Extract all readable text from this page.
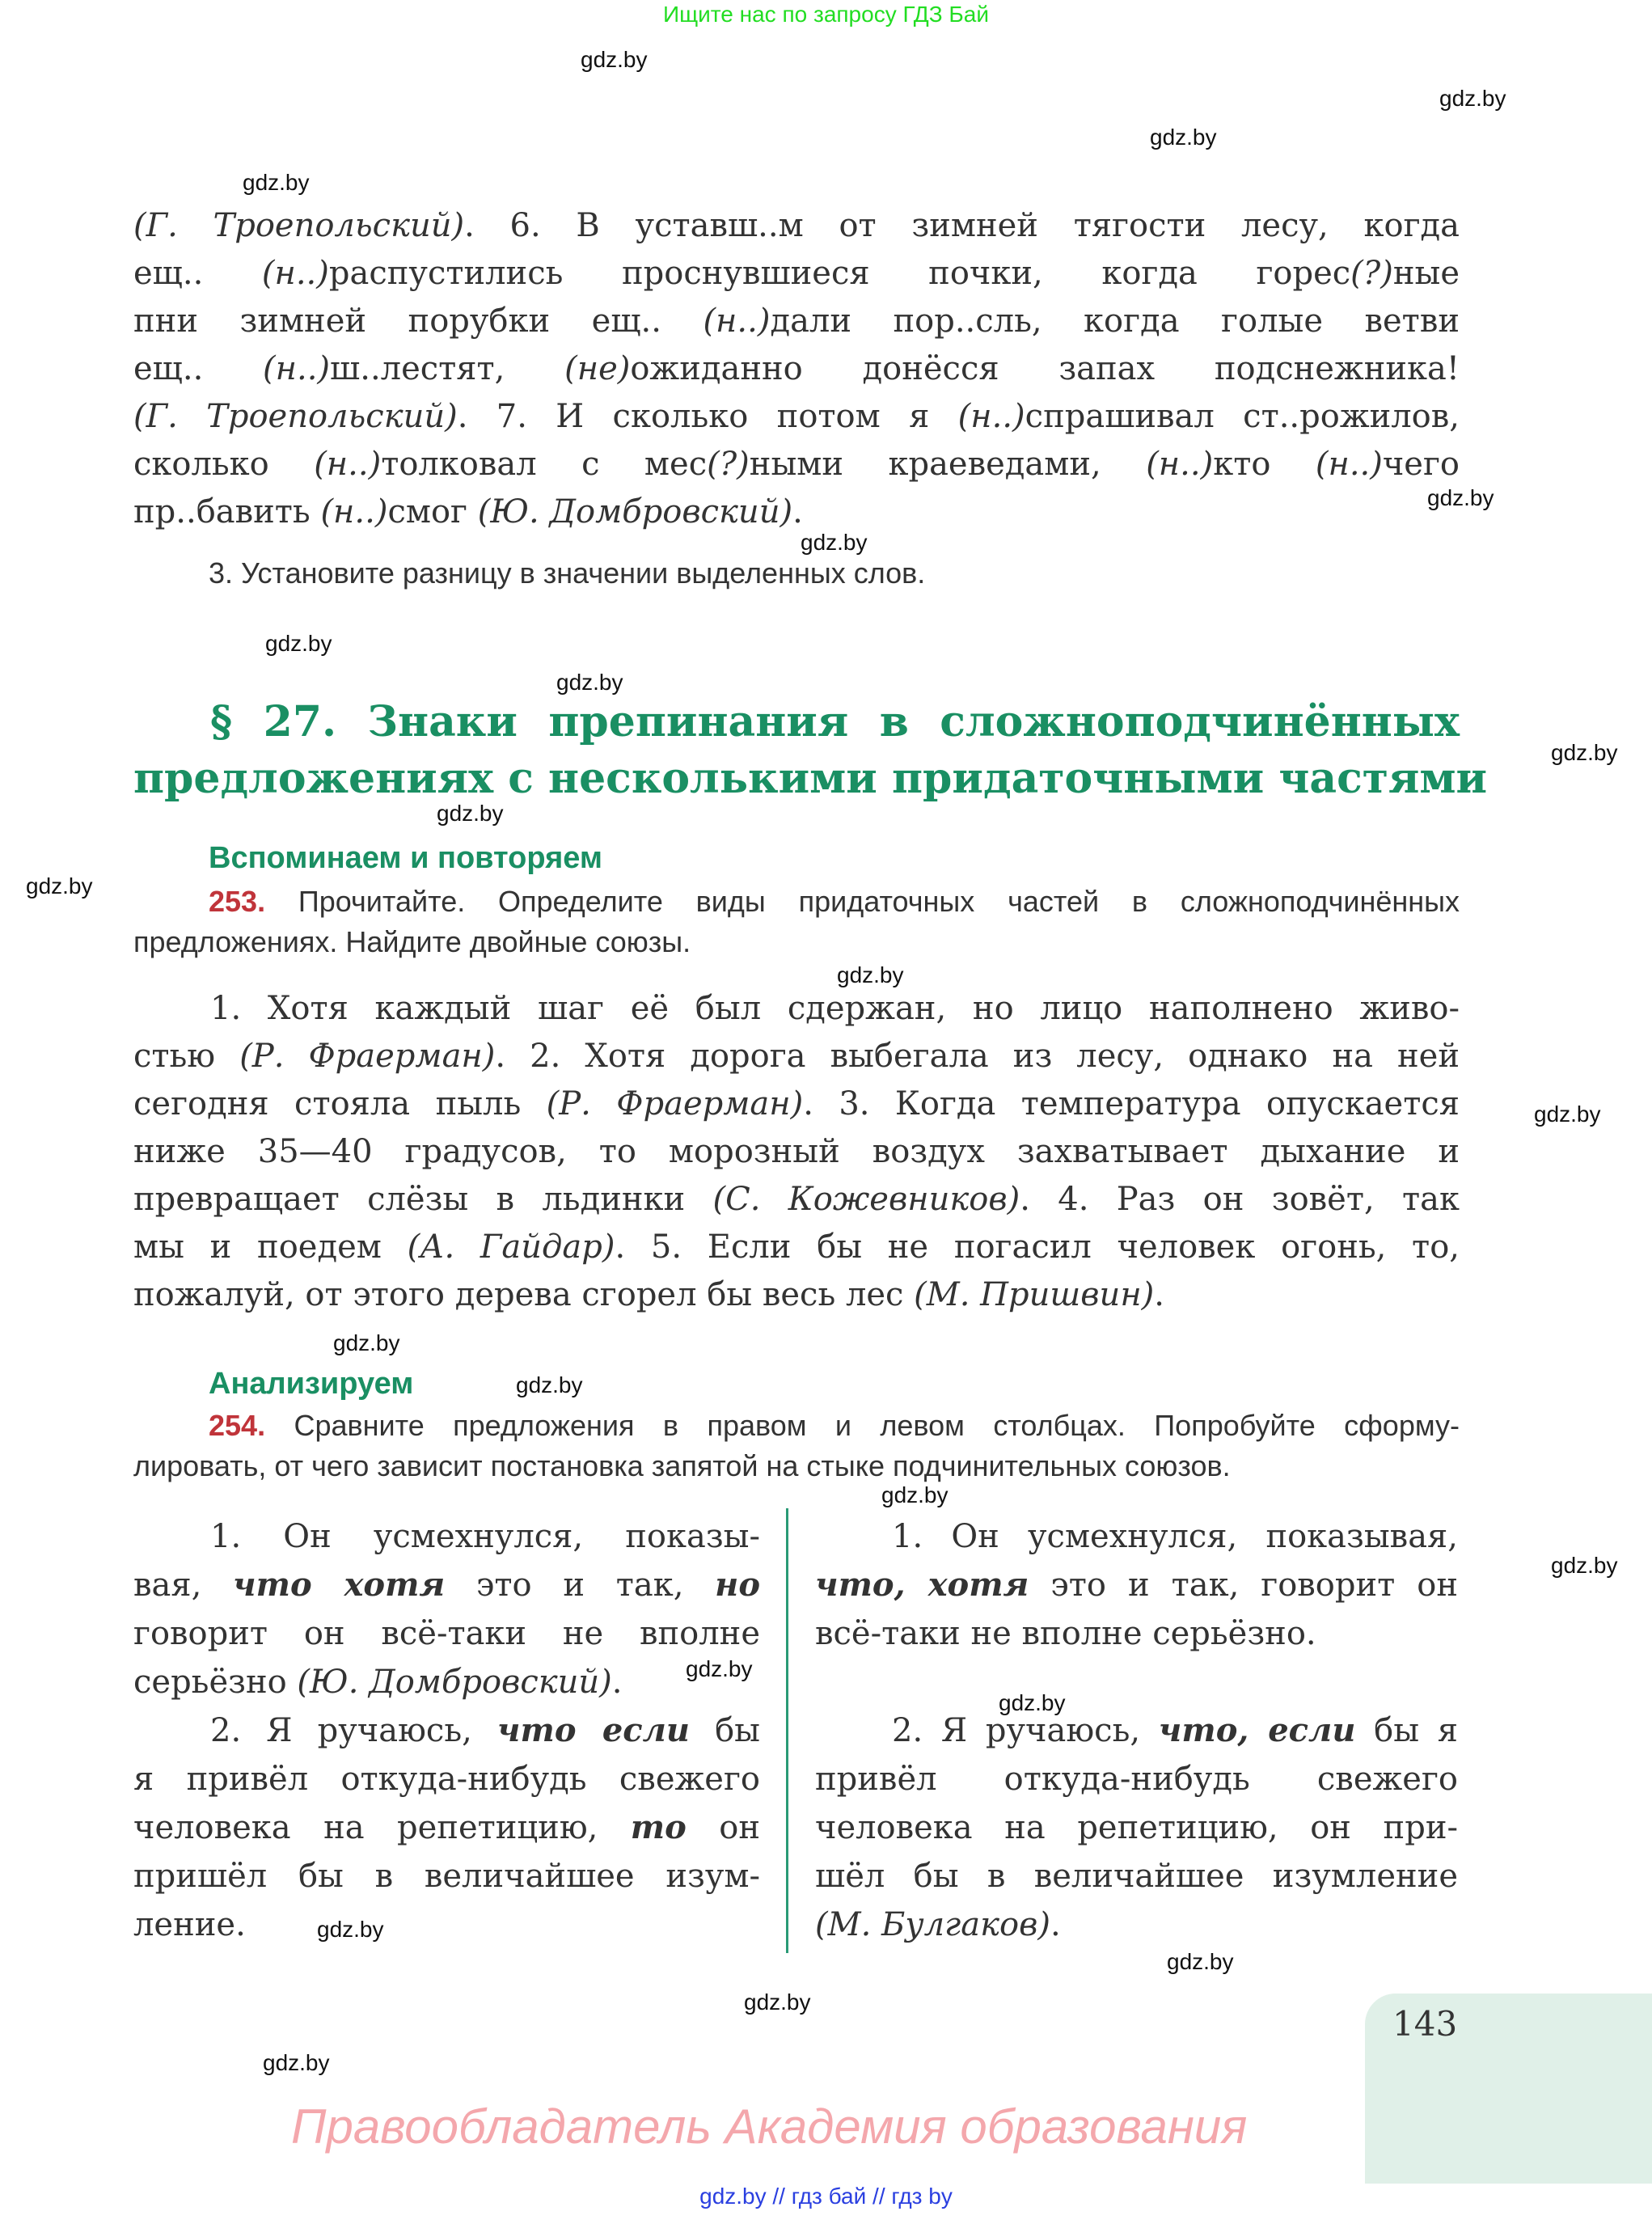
Ищите нас по запросу ГДЗ Бай
gdz.by
gdz.by
gdz.by
gdz.by
gdz.by
gdz.by
gdz.by
gdz.by
gdz.by
gdz.by
gdz.by
gdz.by
gdz.by
gdz.by
gdz.by
gdz.by
gdz.by
gdz.by
gdz.by
gdz.by
gdz.by
gdz.by
gdz.by
(Г. Троепольский). 6. В уставш..м от зимней тягости лесу, когда
ещ.. (н..)распустились проснувшиеся почки, когда горес(?)ные
пни зимней порубки ещ.. (н..)дали пор..сль, когда голые ветви
ещ.. (н..)ш..лестят, (не)ожиданно донёсся запах подснежника!
(Г. Троепольский). 7. И сколько потом я (н..)спрашивал ст..рожилов,
сколько (н..)толковал с мес(?)ными краеведами, (н..)кто (н..)чего
пр..бавить (н..)смог (Ю. Домбровский).
3. Установите разницу в значении выделенных слов.
§ 27. Знаки препинания в сложноподчинённых
предложениях с несколькими придаточными частями
Вспоминаем и повторяем
253. Прочитайте. Определите виды придаточных частей в сложноподчинённых
предложениях. Найдите двойные союзы.
1. Хотя каждый шаг её был сдержан, но лицо наполнено живо-
стью (Р. Фраерман). 2. Хотя дорога выбегала из лесу, однако на ней
сегодня стояла пыль (Р. Фраерман). 3. Когда температура опускается
ниже 35—40 градусов, то морозный воздух захватывает дыхание и
превращает слёзы в льдинки (С. Кожевников). 4. Раз он зовёт, так
мы и поедем (А. Гайдар). 5. Если бы не погасил человек огонь, то,
пожалуй, от этого дерева сгорел бы весь лес (М. Пришвин).
Анализируем
254. Сравните предложения в правом и левом столбцах. Попробуйте сформу-
лировать, от чего зависит постановка запятой на стыке подчинительных союзов.
1. Он усмехнулся, показы-
вая, что хотя это и так, но
говорит он всё-таки не вполне
серьёзно (Ю. Домбровский).
2. Я ручаюсь, что если бы
я привёл откуда-нибудь свежего
человека на репетицию, то он
пришёл бы в величайшее изум-
ление.
1. Он усмехнулся, показывая,
что, хотя это и так, говорит он
всё-таки не вполне серьёзно.
2. Я ручаюсь, что, если бы я
привёл откуда-нибудь свежего
человека на репетицию, он при-
шёл бы в величайшее изумление
(М. Булгаков).
143
Правообладатель Академия образования
gdz.by // гдз бай // гдз by
